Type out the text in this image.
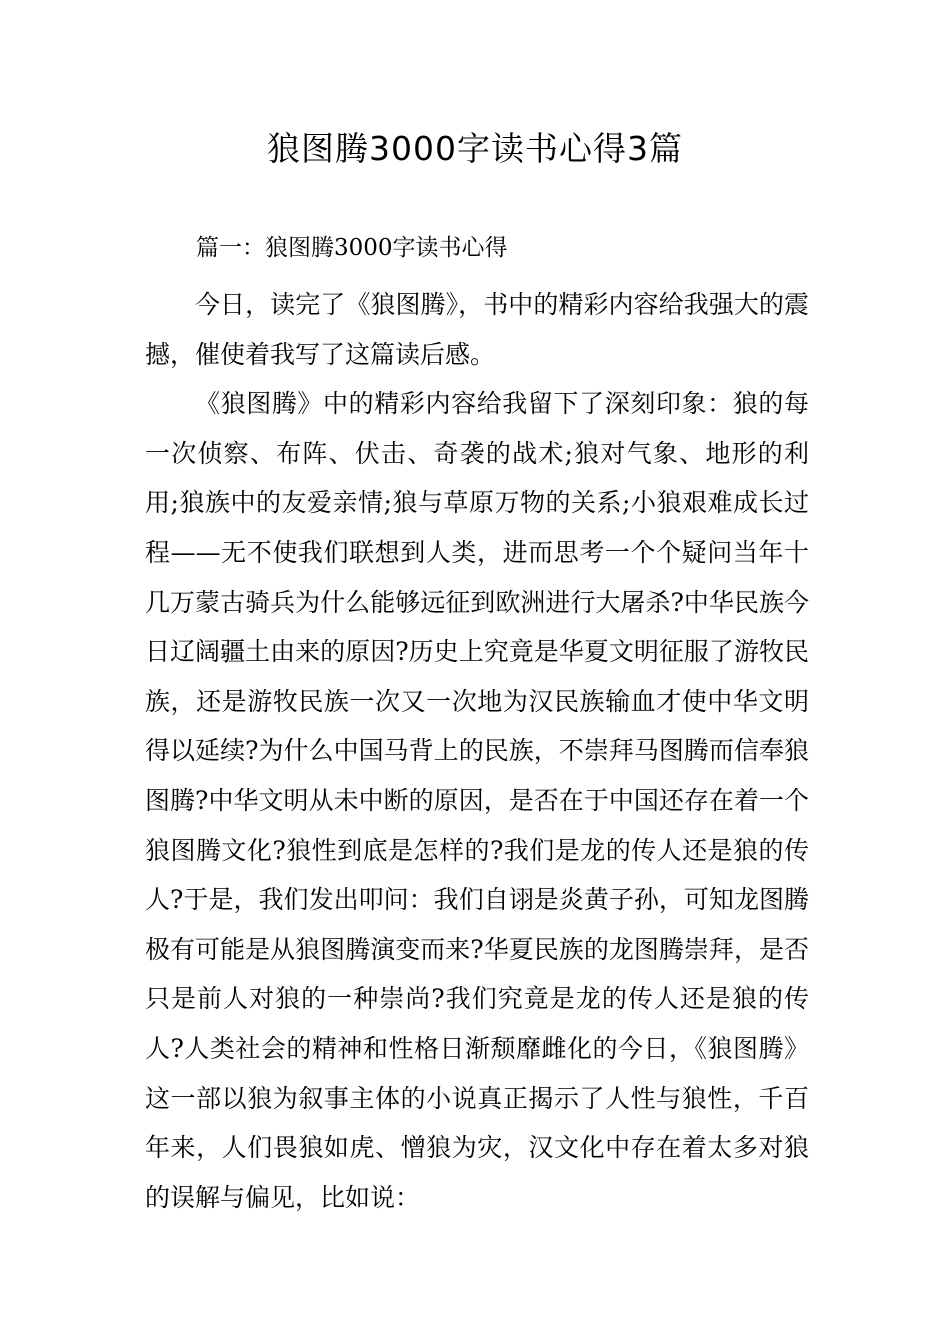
狼图腾3000字读书心得3篇
篇一：狼图腾3000字读书心得

今日，读完了《狼图腾》，书中的精彩内容给我强大的震撼，催使着我写了这篇读后感。

《狼图腾》中的精彩内容给我留下了深刻印象：狼的每一次侦察、布阵、伏击、奇袭的战术;狼对气象、地形的利用;狼族中的友爱亲情;狼与草原万物的关系;小狼艰难成长过程——无不使我们联想到人类，进而思考一个个疑问当年十几万蒙古骑兵为什么能够远征到欧洲进行大屠杀?中华民族今日辽阔疆土由来的原因?历史上究竟是华夏文明征服了游牧民族，还是游牧民族一次又一次地为汉民族输血才使中华文明得以延续?为什么中国马背上的民族，不崇拜马图腾而信奉狼图腾?中华文明从未中断的原因，是否在于中国还存在着一个狼图腾文化?狼性到底是怎样的?我们是龙的传人还是狼的传人?于是，我们发出叩问：我们自诩是炎黄子孙，可知龙图腾极有可能是从狼图腾演变而来?华夏民族的龙图腾崇拜，是否只是前人对狼的一种崇尚?我们究竟是龙的传人还是狼的传人?人类社会的精神和性格日渐颓靡雌化的今日，《狼图腾》这一部以狼为叙事主体的小说真正揭示了人性与狼性，千百年来，人们畏狼如虎、憎狼为灾，汉文化中存在着太多对狼的误解与偏见，比如说：
